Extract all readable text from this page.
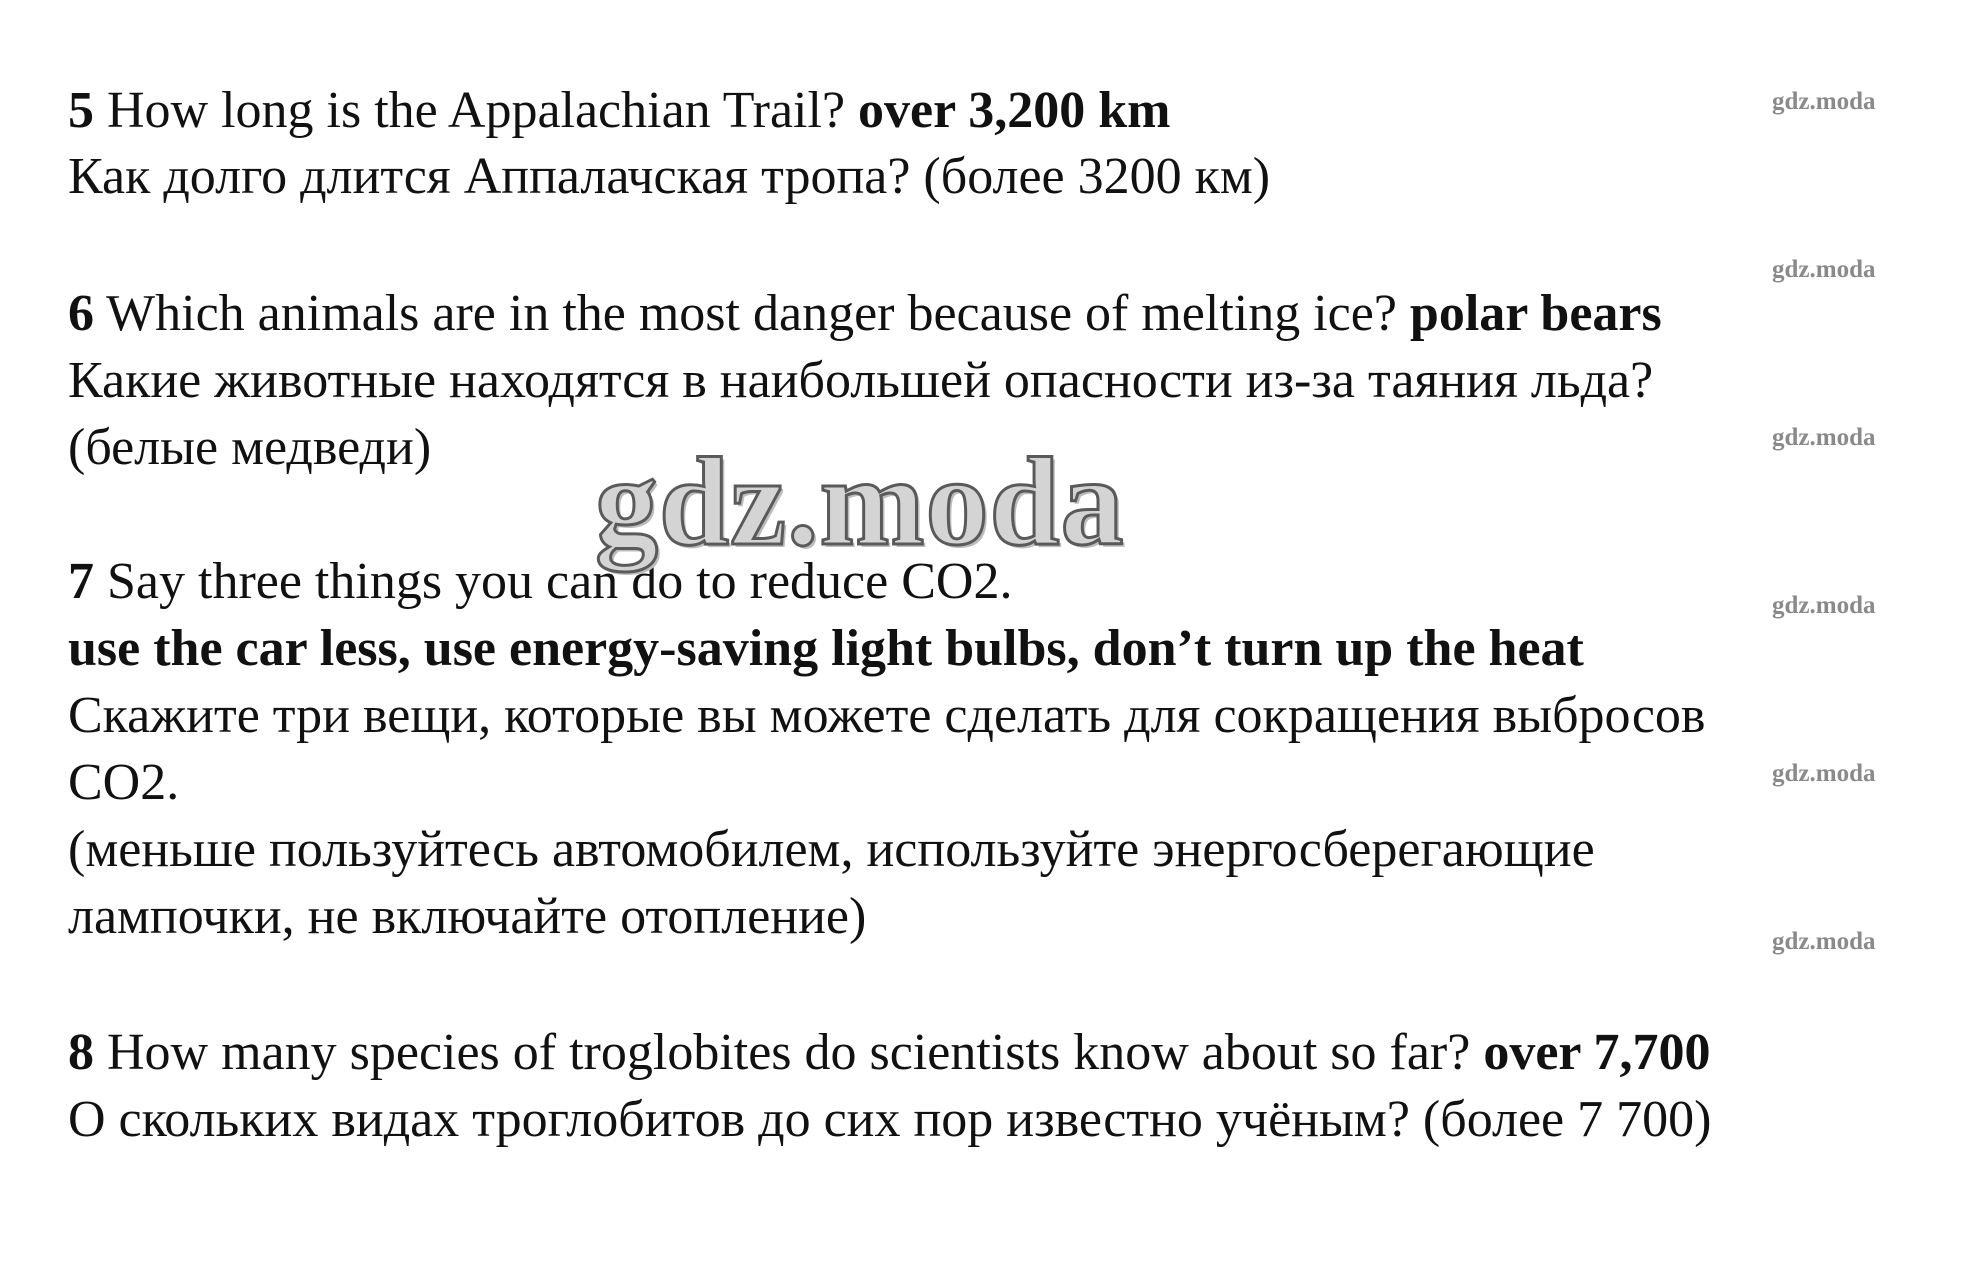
gdz.moda
gdz.moda
gdz.moda
gdz.moda
gdz.moda
gdz.moda
5 How long is the Appalachian Trail? over 3,200 km
Как долго длится Аппалачская тропа? (более 3200 км)
6 Which animals are in the most danger because of melting ice? polar bears
Какие животные находятся в наибольшей опасности из-за таяния льда?
(белые медведи)
7 Say three things you can do to reduce CO2.
use the car less, use energy-saving light bulbs, don’t turn up the heat
Скажите три вещи, которые вы можете сделать для сокращения выбросов
CO2.
(меньше пользуйтесь автомобилем, используйте энергосберегающие
лампочки, не включайте отопление)
8 How many species of troglobites do scientists know about so far? over 7,700
О скольких видах троглобитов до сих пор известно учёным? (более 7 700)
gdz.moda
